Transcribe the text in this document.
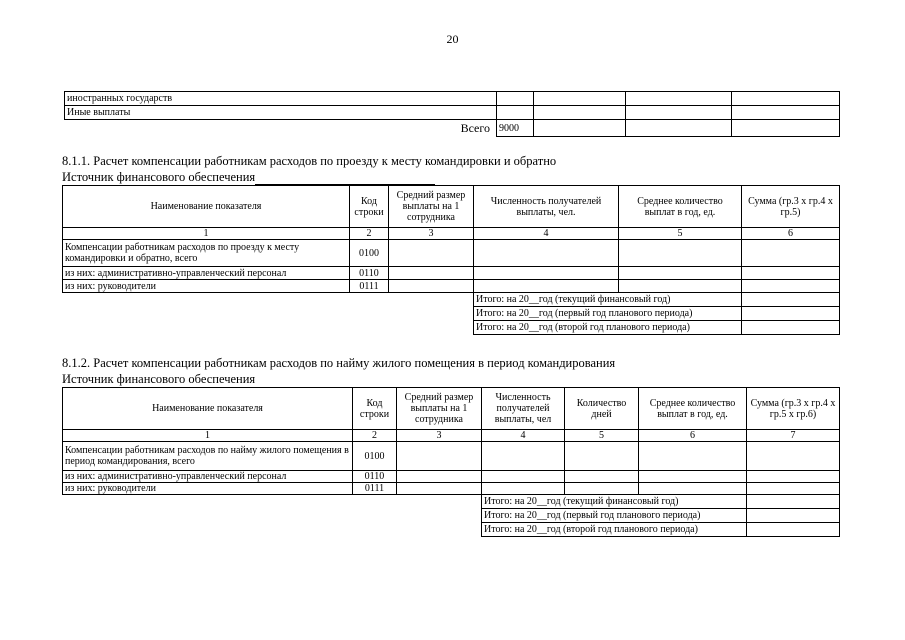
20
иностранных государств				
Иные выплаты				
Всего	9000			
8.1.1. Расчет компенсации работникам расходов по проезду к месту командировки и обратно
Источник финансового обеспечения
Наименование показателя	Код строки	Средний размер выплаты на 1 сотрудника	Численность получателей выплаты, чел.	Среднее количество выплат в год, ед.	Сумма (гр.3 x гр.4 x гр.5)
1	2	3	4	5	6
Компенсации работникам расходов по проезду к месту командировки и обратно, всего	0100				
из них: административно-управленческий персонал	0110				
из них: руководители	0111				
			Итого: на 20__год (текущий финансовый год)		
			Итого: на 20__год (первый год планового периода)		
			Итого: на 20__год (второй год планового периода)		
8.1.2. Расчет компенсации работникам расходов по найму жилого помещения в период командирования
Источник финансового обеспечения
Наименование показателя	Код строки	Средний размер выплаты на 1 сотрудника	Численность получателей выплаты, чел	Количество дней	Среднее количество выплат в год, ед.	Сумма (гр.3 x гр.4 x гр.5 x гр.6)
1	2	3	4	5	6	7
Компенсации работникам расходов по найму жилого помещения в период командирования, всего	0100					
из них: административно-управленческий персонал	0110					
из них: руководители	0111					
			Итого: на 20__год (текущий финансовый год)			
			Итого: на 20__год (первый год планового периода)			
			Итого: на 20__год (второй год планового периода)			
